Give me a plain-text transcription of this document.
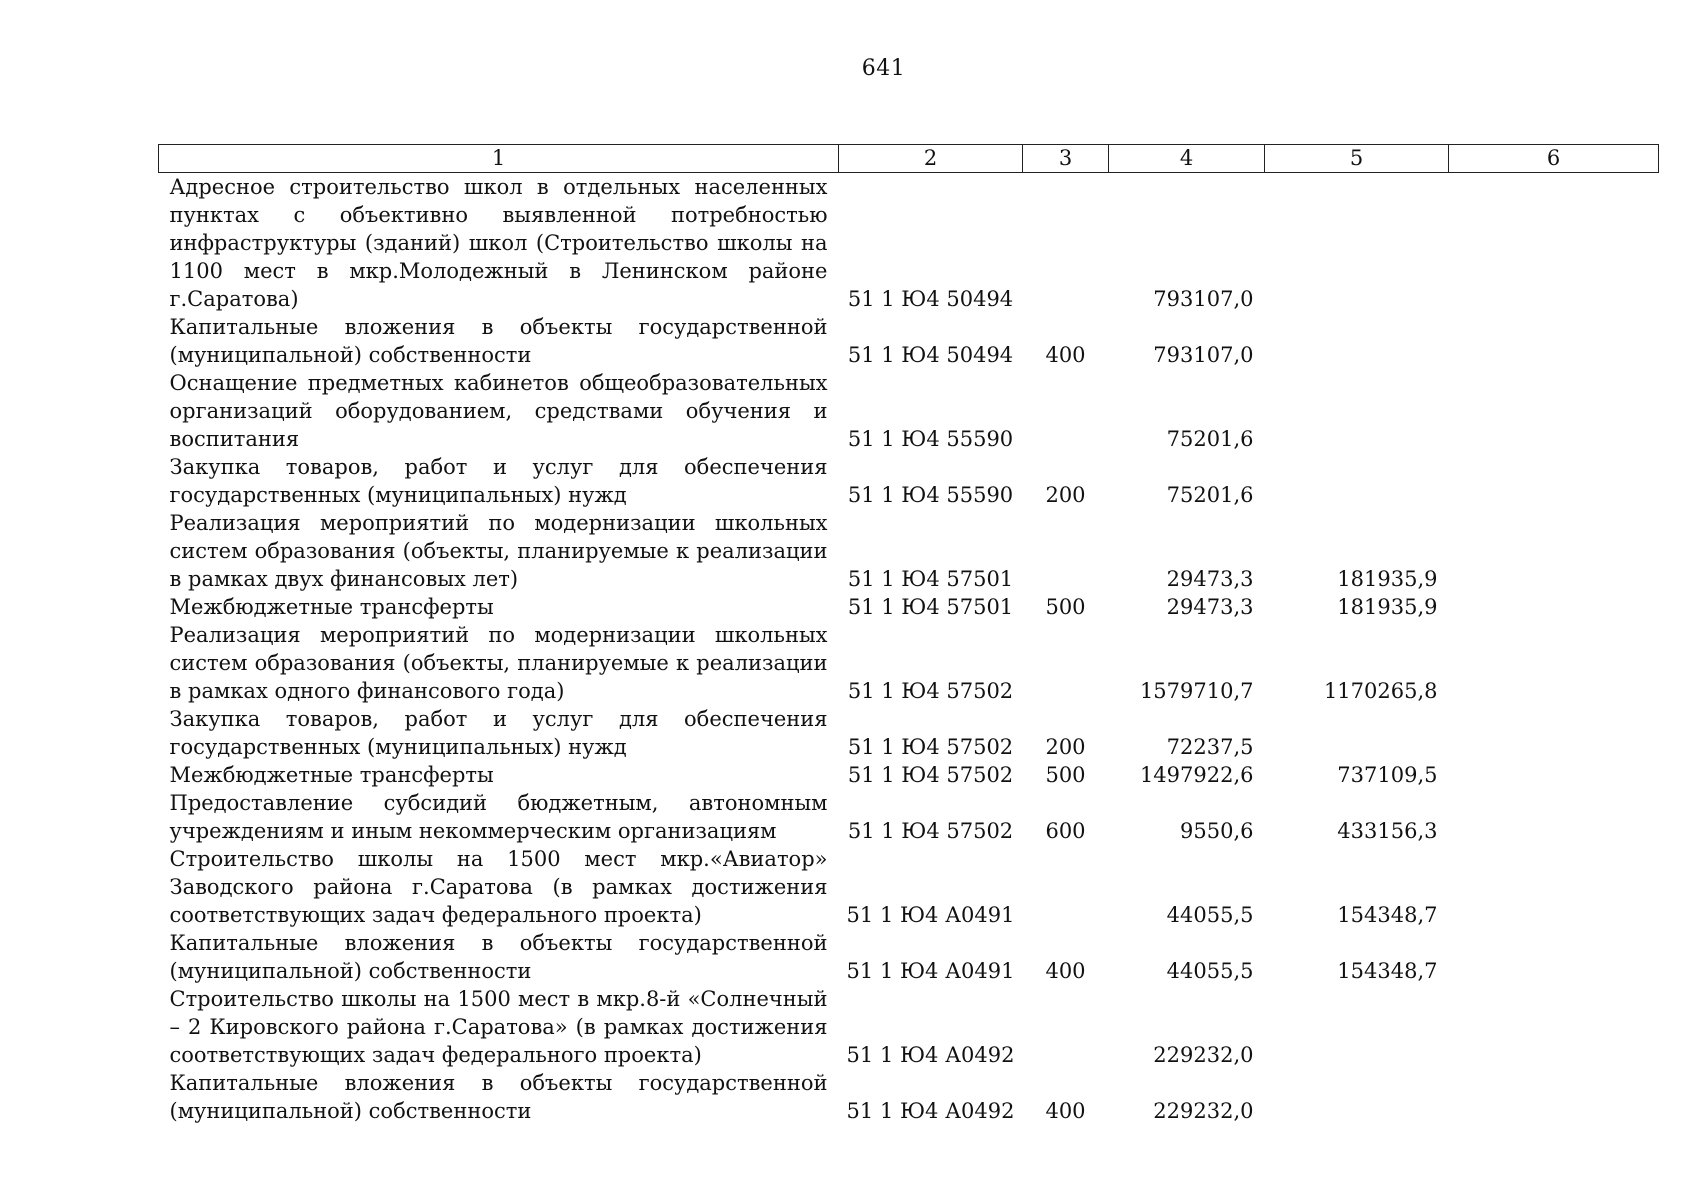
641
1	2	3	4	5	6
Адресное строительство школ в отдельных населенных пунктах с объективно выявленной потребностью инфраструктуры (зданий) школ (Строительство школы на 1100 мест в мкр.Молодежный в Ленинском районе г.Саратова)	51 1 Ю4 50494		793107,0		
Капитальные вложения в объекты государственной (муниципальной) собственности	51 1 Ю4 50494	400	793107,0		
Оснащение предметных кабинетов общеобразовательных организаций оборудованием, средствами обучения и воспитания	51 1 Ю4 55590		75201,6		
Закупка товаров, работ и услуг для обеспечения государственных (муниципальных) нужд	51 1 Ю4 55590	200	75201,6		
Реализация мероприятий по модернизации школьных систем образования (объекты, планируемые к реализации в рамках двух финансовых лет)	51 1 Ю4 57501		29473,3	181935,9	
Межбюджетные трансферты	51 1 Ю4 57501	500	29473,3	181935,9	
Реализация мероприятий по модернизации школьных систем образования (объекты, планируемые к реализации в рамках одного финансового года)	51 1 Ю4 57502		1579710,7	1170265,8	
Закупка товаров, работ и услуг для обеспечения государственных (муниципальных) нужд	51 1 Ю4 57502	200	72237,5		
Межбюджетные трансферты	51 1 Ю4 57502	500	1497922,6	737109,5	
Предоставление субсидий бюджетным, автономным учреждениям и иным некоммерческим организациям	51 1 Ю4 57502	600	9550,6	433156,3	
Строительство школы на 1500 мест мкр.«Авиатор» Заводского района г.Саратова (в рамках достижения соответствующих задач федерального проекта)	51 1 Ю4 А0491		44055,5	154348,7	
Капитальные вложения в объекты государственной (муниципальной) собственности	51 1 Ю4 А0491	400	44055,5	154348,7	
Строительство школы на 1500 мест в мкр.8-й «Солнечный – 2 Кировского района г.Саратова» (в рамках достижения соответствующих задач федерального проекта)	51 1 Ю4 А0492		229232,0		
Капитальные вложения в объекты государственной (муниципальной) собственности	51 1 Ю4 А0492	400	229232,0		
